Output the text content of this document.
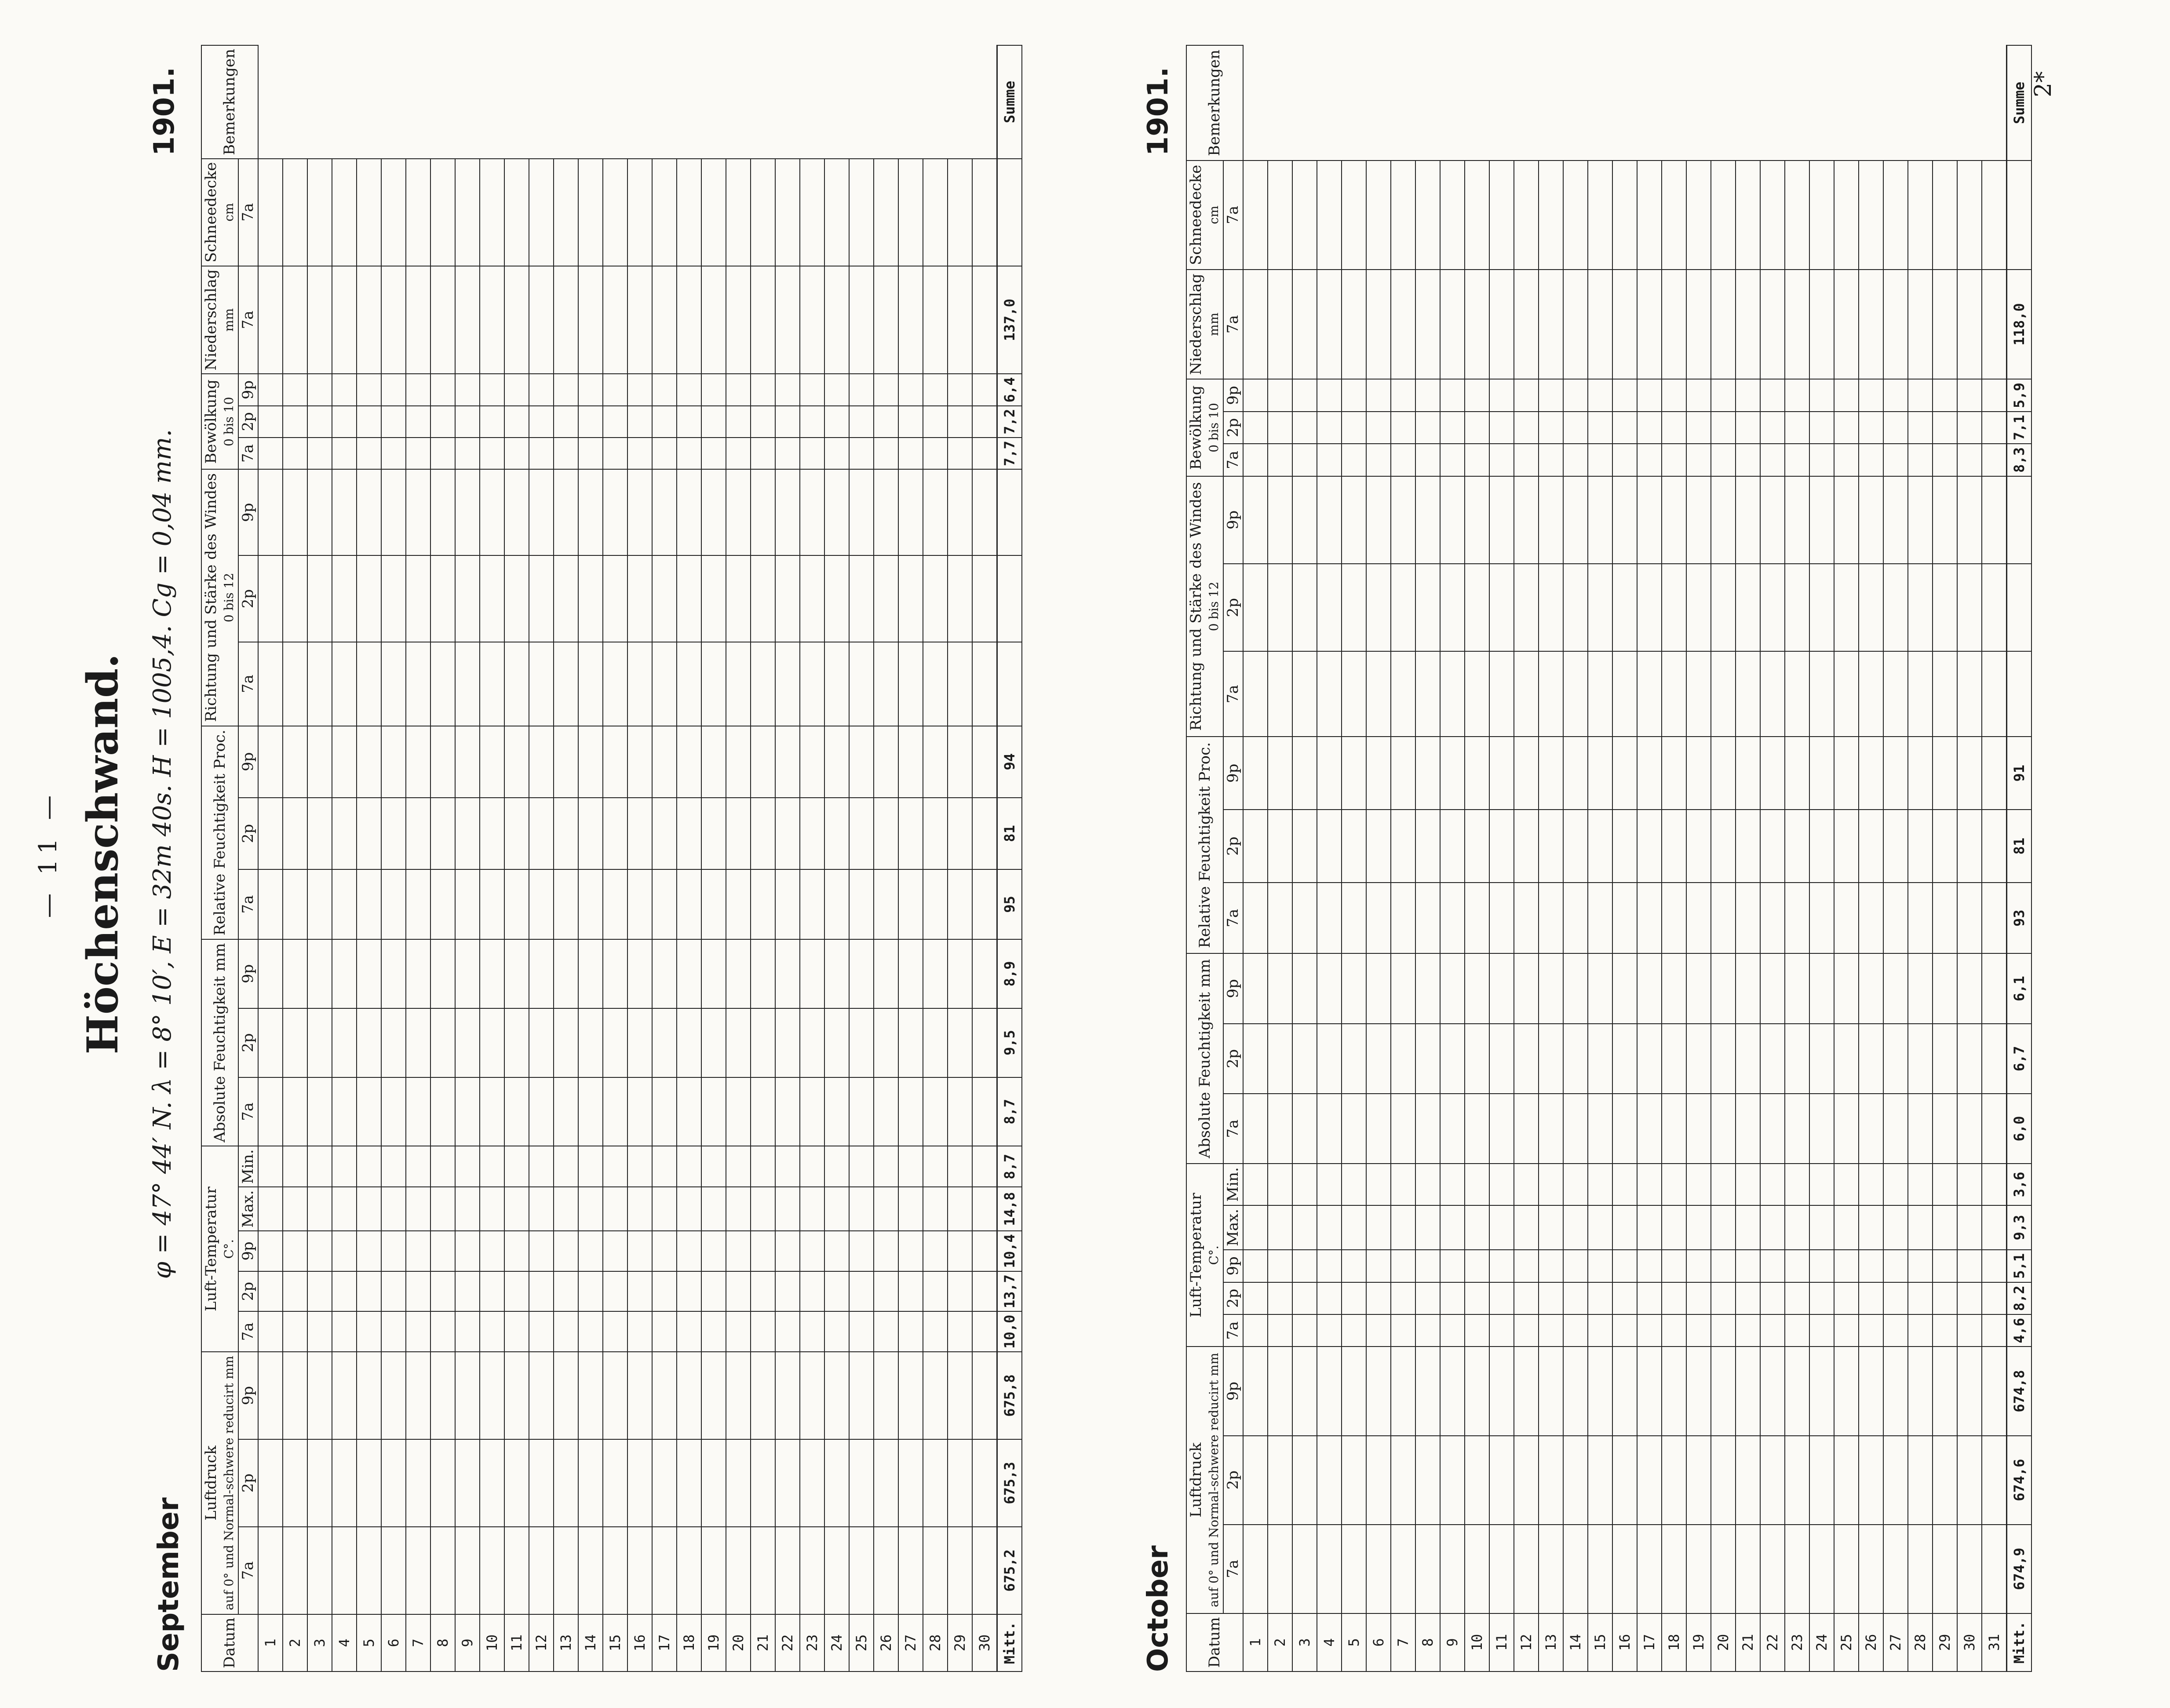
— 11 — Höchenschwand. φ = 47° 44′ N. λ = 8° 10′, E = 32m 40s. H = 1005,4. Cg = 0,04 mm.
September
1901.
Datum	Luftdruck auf 0° und Normal-schwere reducirt mm			Luft-Temperatur C°.					Absolute Feuchtigkeit mm			Relative Feuchtigkeit Proc.			Richtung und Stärke des Windes 0 bis 12			Bewölkung 0 bis 10			Niederschlag mm	Schneedecke cm	Bemerkungen
	7a	2p	9p	7a	2p	9p	Max.	Min.	7a	2p	9p	7a	2p	9p	7a	2p	9p	7a	2p	9p	7a	7a	
1																							
2																							
3																							
4																							
5																							
6																							
7																							
8																							
9																							
10																							
11																							
12																							
13																							
14																							
15																							
16																							
17																							
18																							
19																							
20																							
21																							
22																							
23																							
24																							
25																							
26																							
27																							
28																							
29																							
30																							
Mitt.	675,2	675,3	675,8	10,0	13,7	10,4	14,8	8,7	8,7	9,5	8,9	95	81	94				7,7	7,2	6,4	137,0		Summe
October
1901.
Datum	Luftdruck auf 0° und Normal-schwere reducirt mm			Luft-Temperatur C°.					Absolute Feuchtigkeit mm			Relative Feuchtigkeit Proc.			Richtung und Stärke des Windes 0 bis 12			Bewölkung 0 bis 10			Niederschlag mm	Schneedecke cm	Bemerkungen
	7a	2p	9p	7a	2p	9p	Max.	Min.	7a	2p	9p	7a	2p	9p	7a	2p	9p	7a	2p	9p	7a	7a	
1																							
2																							
3																							
4																							
5																							
6																							
7																							
8																							
9																							
10																							
11																							
12																							
13																							
14																							
15																							
16																							
17																							
18																							
19																							
20																							
21																							
22																							
23																							
24																							
25																							
26																							
27																							
28																							
29																							
30																							
31																							
Mitt.	674,9	674,6	674,8	4,6	8,2	5,1	9,3	3,6	6,0	6,7	6,1	93	81	91				8,3	7,1	5,9	118,0		Summe 2*
